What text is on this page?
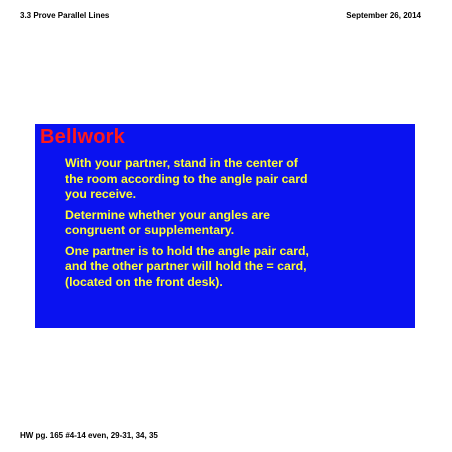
3.3 Prove Parallel Lines	September 26, 2014
Bellwork

With your partner, stand in the center of
the room according to the angle pair card
you receive.

Determine whether your angles are
congruent or supplementary.

One partner is to hold the angle pair card,
and the other partner will hold the = card,
(located on the front desk).

HW pg. 165 #4-14 even, 29-31, 34, 35
